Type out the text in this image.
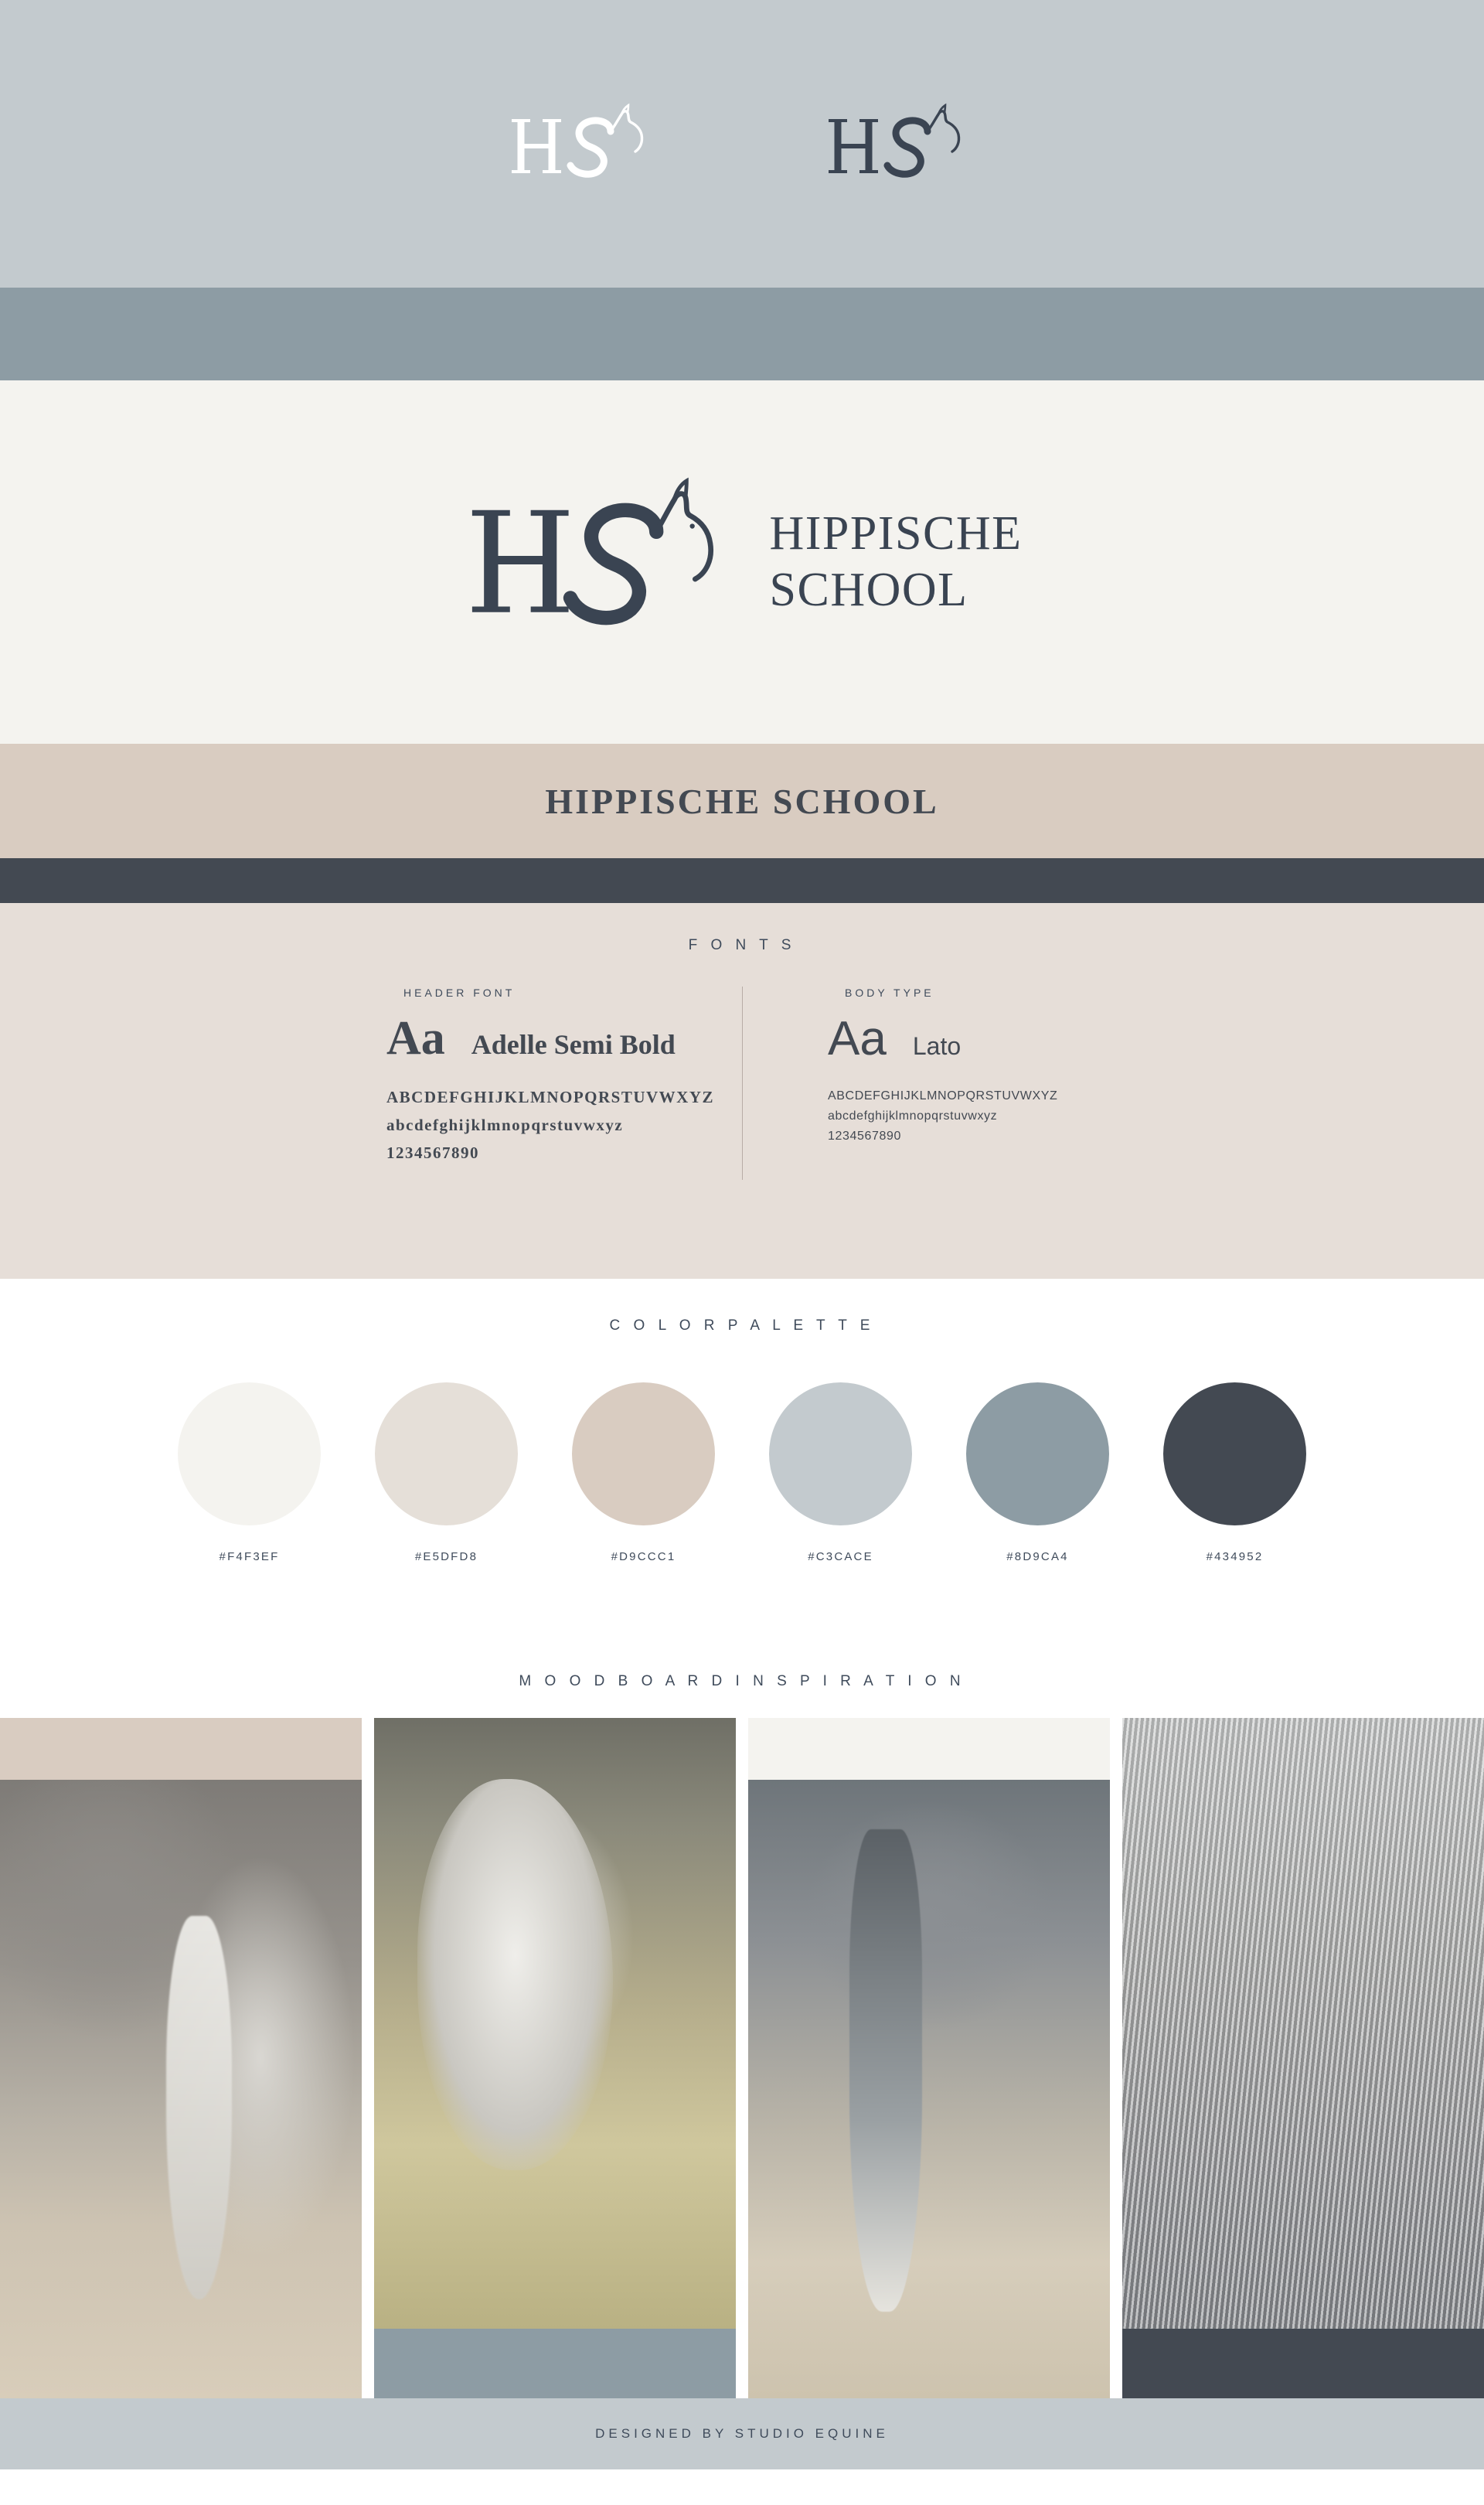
HIPPISCHE
SCHOOL
HIPPISCHE SCHOOL
F O N T S
HEADER FONT
Aa Adelle Semi Bold
ABCDEFGHIJKLMNOPQRSTUVWXYZ
abcdefghijklmnopqrstuvwxyz
1234567890
BODY TYPE
Aa Lato
ABCDEFGHIJKLMNOPQRSTUVWXYZ
abcdefghijklmnopqrstuvwxyz
1234567890
C O L O R P A L E T T E
#F4F3EF	#E5DFD8	#D9CCC1	#C3CACE	#8D9CA4	#434952
M O O D B O A R D I N S P I R A T I O N
DESIGNED BY STUDIO EQUINE
